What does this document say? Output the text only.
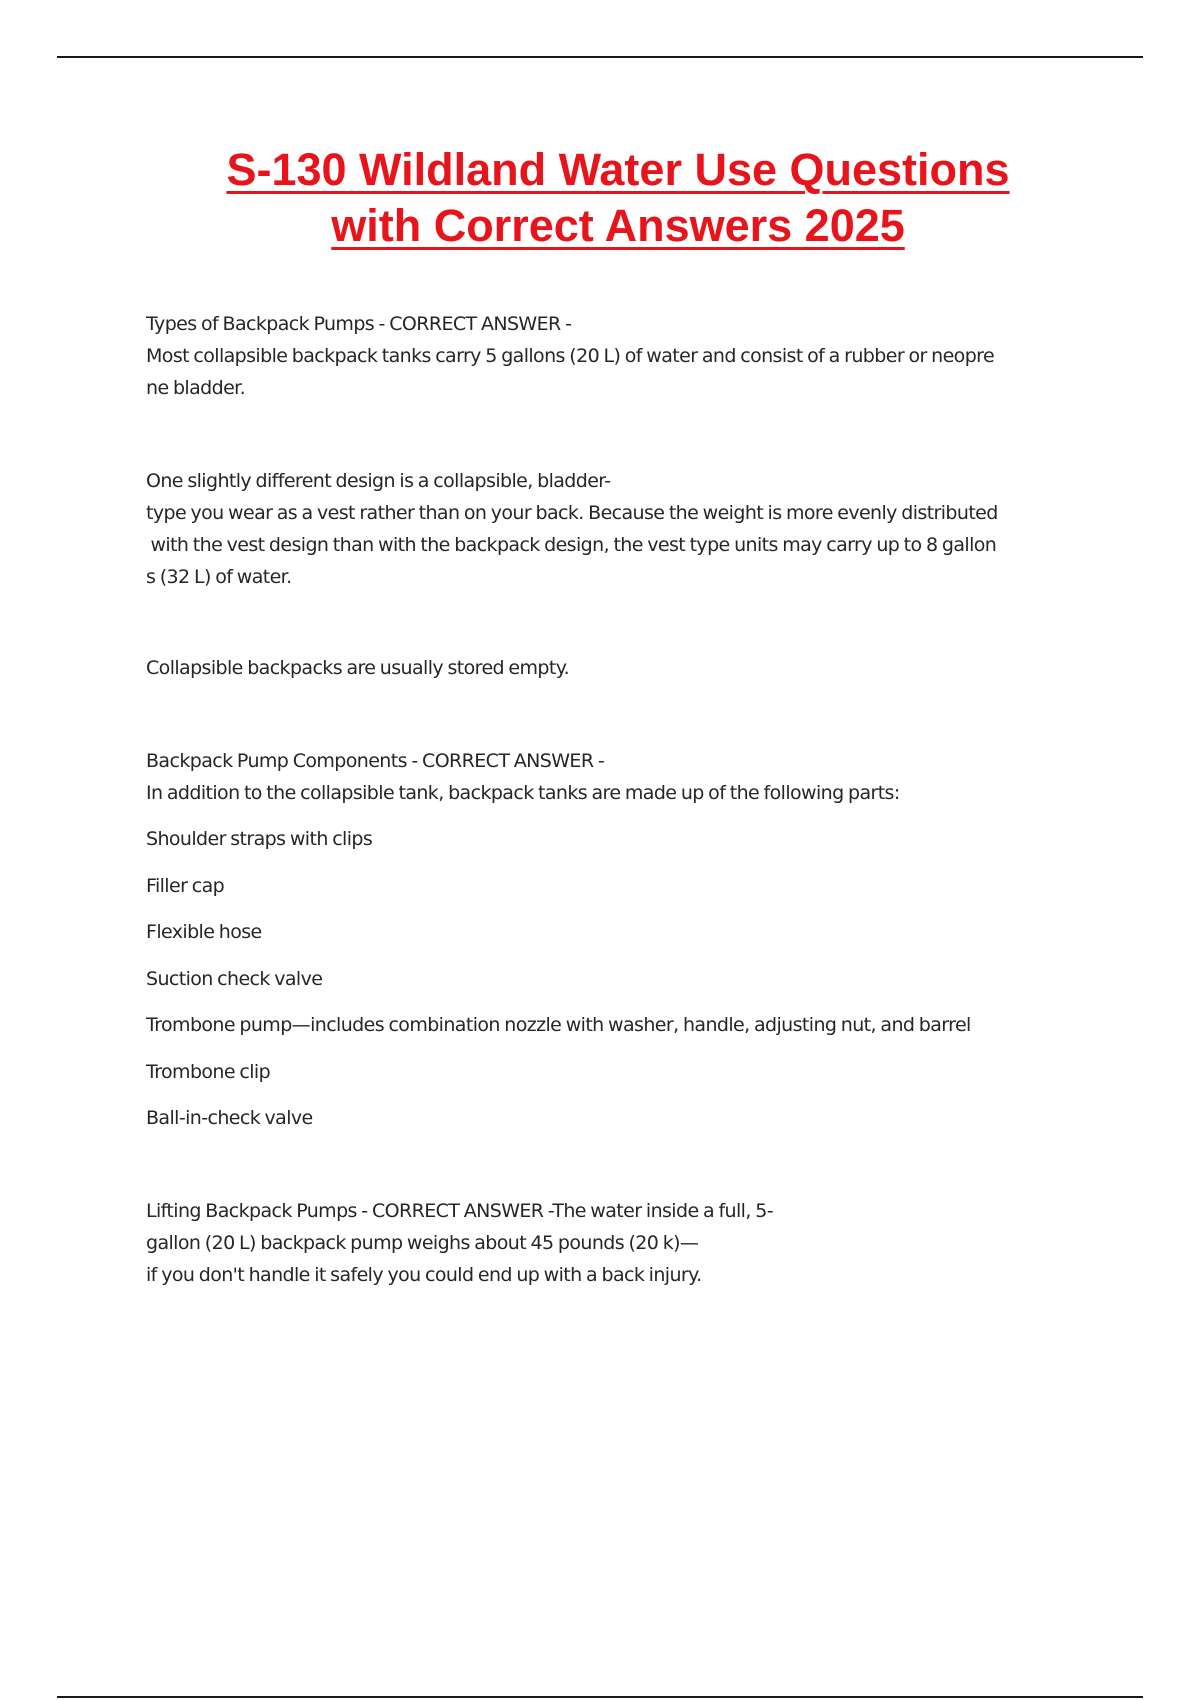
S-130 Wildland Water Use Questions
with Correct Answers 2025
Types of Backpack Pumps - CORRECT ANSWER -
Most collapsible backpack tanks carry 5 gallons (20 L) of water and consist of a rubber or neopre
ne bladder.
One slightly different design is a collapsible, bladder-
type you wear as a vest rather than on your back. Because the weight is more evenly distributed
with the vest design than with the backpack design, the vest type units may carry up to 8 gallon
s (32 L) of water.
Collapsible backpacks are usually stored empty.
Backpack Pump Components - CORRECT ANSWER -
In addition to the collapsible tank, backpack tanks are made up of the following parts:
Shoulder straps with clips
Filler cap
Flexible hose
Suction check valve
Trombone pump—includes combination nozzle with washer, handle, adjusting nut, and barrel
Trombone clip
Ball-in-check valve
Lifting Backpack Pumps - CORRECT ANSWER -The water inside a full, 5-
gallon (20 L) backpack pump weighs about 45 pounds (20 k)—
if you don't handle it safely you could end up with a back injury.
